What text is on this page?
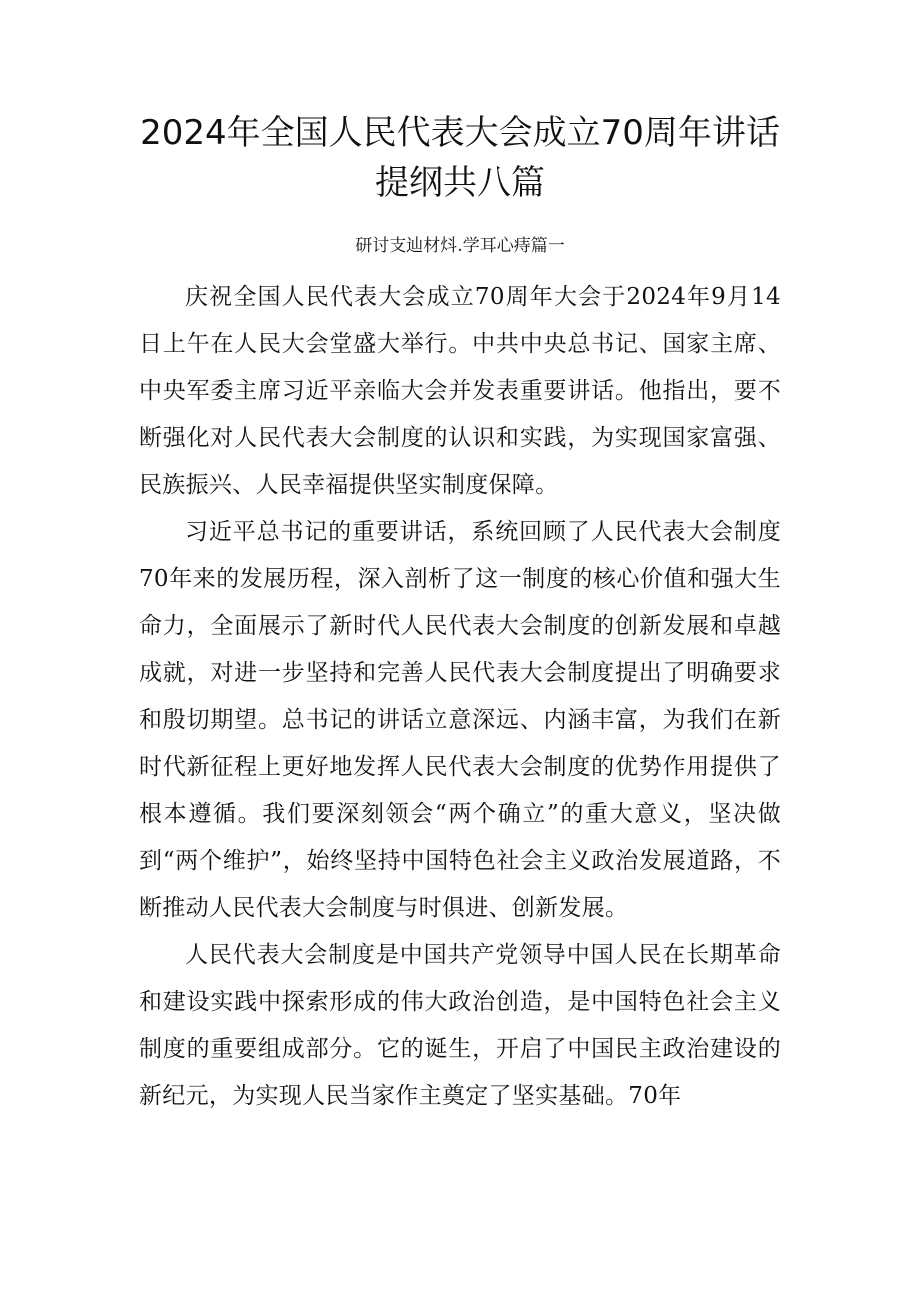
2024年全国人民代表大会成立70周年讲话
提纲共八篇
研讨支辿材炓.学耳心痔篇一

庆祝全国人民代表大会成立70周年大会于2024年9月14日上午在人民大会堂盛大举行。中共中央总书记、国家主席、中央军委主席习近平亲临大会并发表重要讲话。他指出，要不断强化对人民代表大会制度的认识和实践，为实现国家富强、民族振兴、人民幸福提供坚实制度保障。

习近平总书记的重要讲话，系统回顾了人民代表大会制度70年来的发展历程，深入剖析了这一制度的核心价值和强大生命力，全面展示了新时代人民代表大会制度的创新发展和卓越成就，对进一步坚持和完善人民代表大会制度提出了明确要求和殷切期望。总书记的讲话立意深远、内涵丰富，为我们在新时代新征程上更好地发挥人民代表大会制度的优势作用提供了根本遵循。我们要深刻领会“两个确立”的重大意义，坚决做到“两个维护”，始终坚持中国特色社会主义政治发展道路，不断推动人民代表大会制度与时俱进、创新发展。

人民代表大会制度是中国共产党领导中国人民在长期革命和建设实践中探索形成的伟大政治创造，是中国特色社会主义制度的重要组成部分。它的诞生，开启了中国民主政治建设的新纪元，为实现人民当家作主奠定了坚实基础。70年
